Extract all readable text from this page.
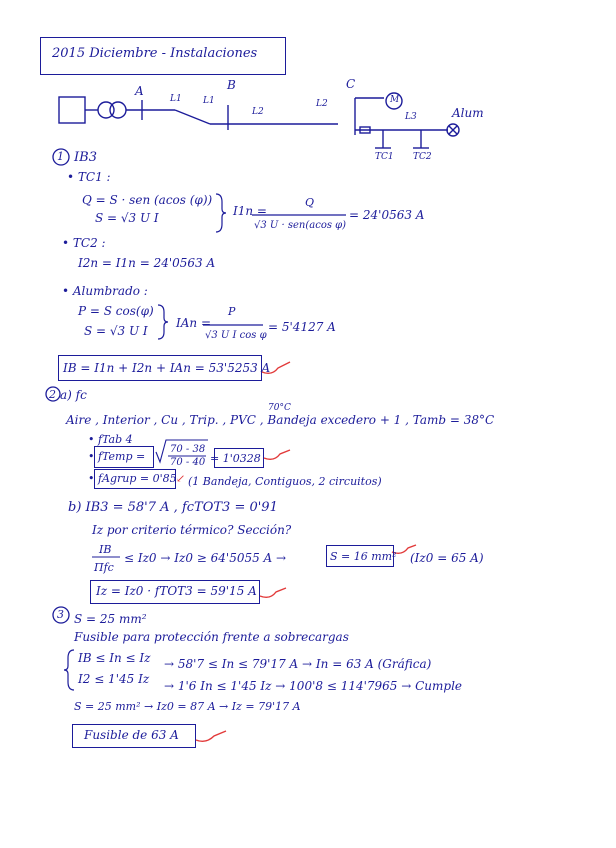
2015 Diciembre - Instalaciones
A	B	C
L1 L1
L2
L2
L3
M
Alum
TC1 TC2
1 IB3
• TC1 :
Q = S · sen (acos (φ))
S = √3 U I	I1n =
Q
√3 U · sen(acos φ)
= 24'0563 A
• TC2 :
I2n = I1n = 24'0563 A
• Alumbrado :
P = S cos(φ)
S = √3 U I
IAn =
P
√3 U I cos φ
= 5'4127 A
IB = I1n + I2n + IAn = 53'5253 A
2 a) fc
70°C
Aire , Interior , Cu , Trip. , PVC , Bandeja excedero + 1 , Tamb = 38°C
• fTab 4
• fTemp =
70 - 38
70 - 40 = 1'0328
• fAgrup = 0'85 ↙ (1 Bandeja, Contiguos, 2 circuitos)
b) IB3 = 58'7 A , fcTOT3 = 0'91
Iz por criterio térmico? Sección?
IB
Πfc
≤ Iz0 → Iz0 ≥ 64'5055 A →	S = 16 mm² (Iz0 = 65 A)
Iz = Iz0 · fTOT3 = 59'15 A
3 S = 25 mm²
Fusible para protección frente a sobrecargas
IB ≤ In ≤ Iz → 58'7 ≤ In ≤ 79'17 A → In = 63 A (Gráfica)
I2 ≤ 1'45 Iz → 1'6 In ≤ 1'45 Iz → 100'8 ≤ 114'7965 → Cumple
S = 25 mm² → Iz0 = 87 A → Iz = 79'17 A
Fusible de 63 A
